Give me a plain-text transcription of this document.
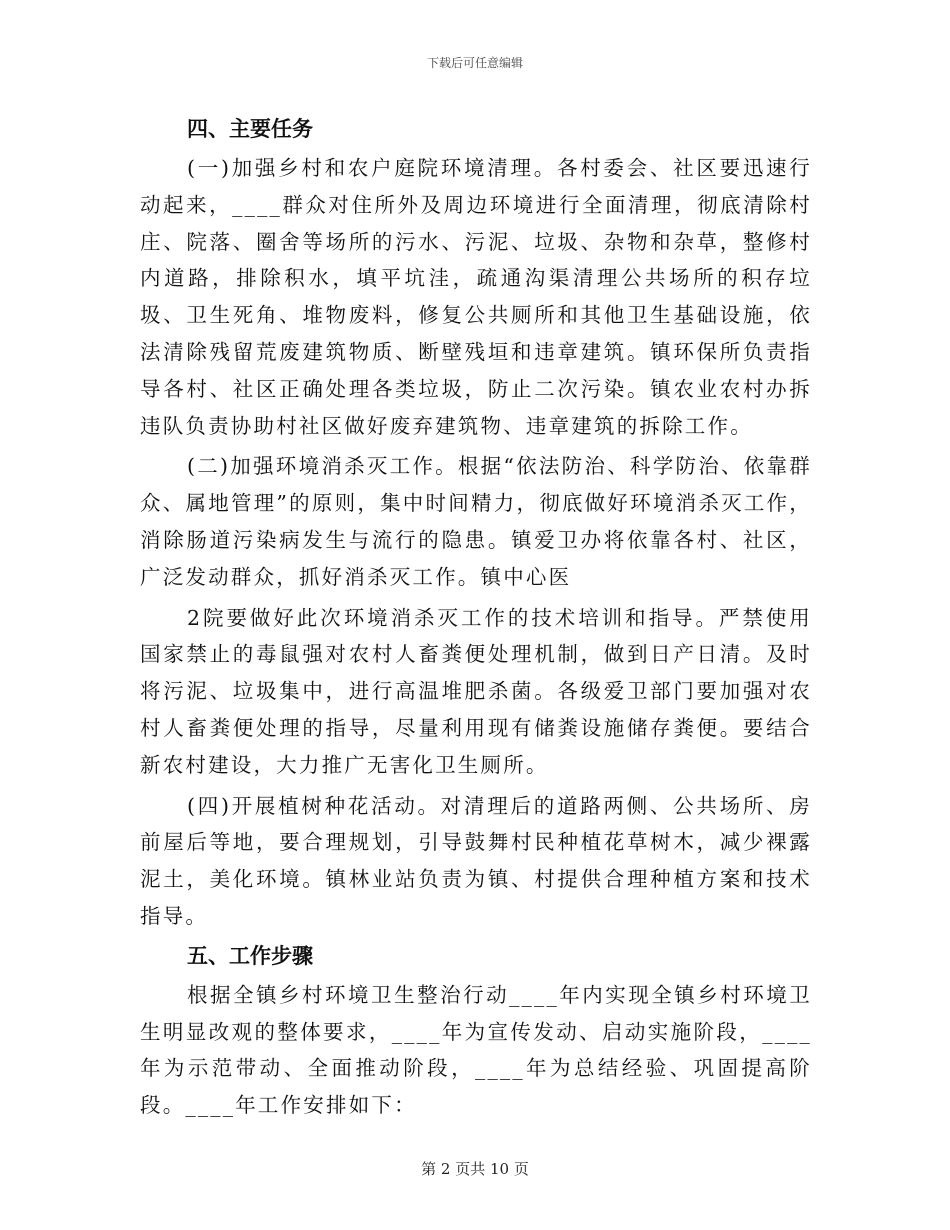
下载后可任意编辑
四、主要任务

(一)加强乡村和农户庭院环境清理。各村委会、社区要迅速行动起来，____群众对住所外及周边环境进行全面清理，彻底清除村庄、院落、圈舍等场所的污水、污泥、垃圾、杂物和杂草，整修村内道路，排除积水，填平坑洼，疏通沟渠清理公共场所的积存垃圾、卫生死角、堆物废料，修复公共厕所和其他卫生基础设施，依法清除残留荒废建筑物质、断壁残垣和违章建筑。镇环保所负责指导各村、社区正确处理各类垃圾，防止二次污染。镇农业农村办拆违队负责协助村社区做好废弃建筑物、违章建筑的拆除工作。

(二)加强环境消杀灭工作。根据“依法防治、科学防治、依靠群众、属地管理”的原则，集中时间精力，彻底做好环境消杀灭工作，消除肠道污染病发生与流行的隐患。镇爱卫办将依靠各村、社区，广泛发动群众，抓好消杀灭工作。镇中心医

2院要做好此次环境消杀灭工作的技术培训和指导。严禁使用国家禁止的毒鼠强对农村人畜粪便处理机制，做到日产日清。及时将污泥、垃圾集中，进行高温堆肥杀菌。各级爱卫部门要加强对农村人畜粪便处理的指导，尽量利用现有储粪设施储存粪便。要结合新农村建设，大力推广无害化卫生厕所。

(四)开展植树种花活动。对清理后的道路两侧、公共场所、房前屋后等地，要合理规划，引导鼓舞村民种植花草树木，减少裸露泥土，美化环境。镇林业站负责为镇、村提供合理种植方案和技术指导。

五、工作步骤

根据全镇乡村环境卫生整治行动____年内实现全镇乡村环境卫生明显改观的整体要求，____年为宣传发动、启动实施阶段，____年为示范带动、全面推动阶段，____年为总结经验、巩固提高阶段。____年工作安排如下：

第 2 页共 10 页
